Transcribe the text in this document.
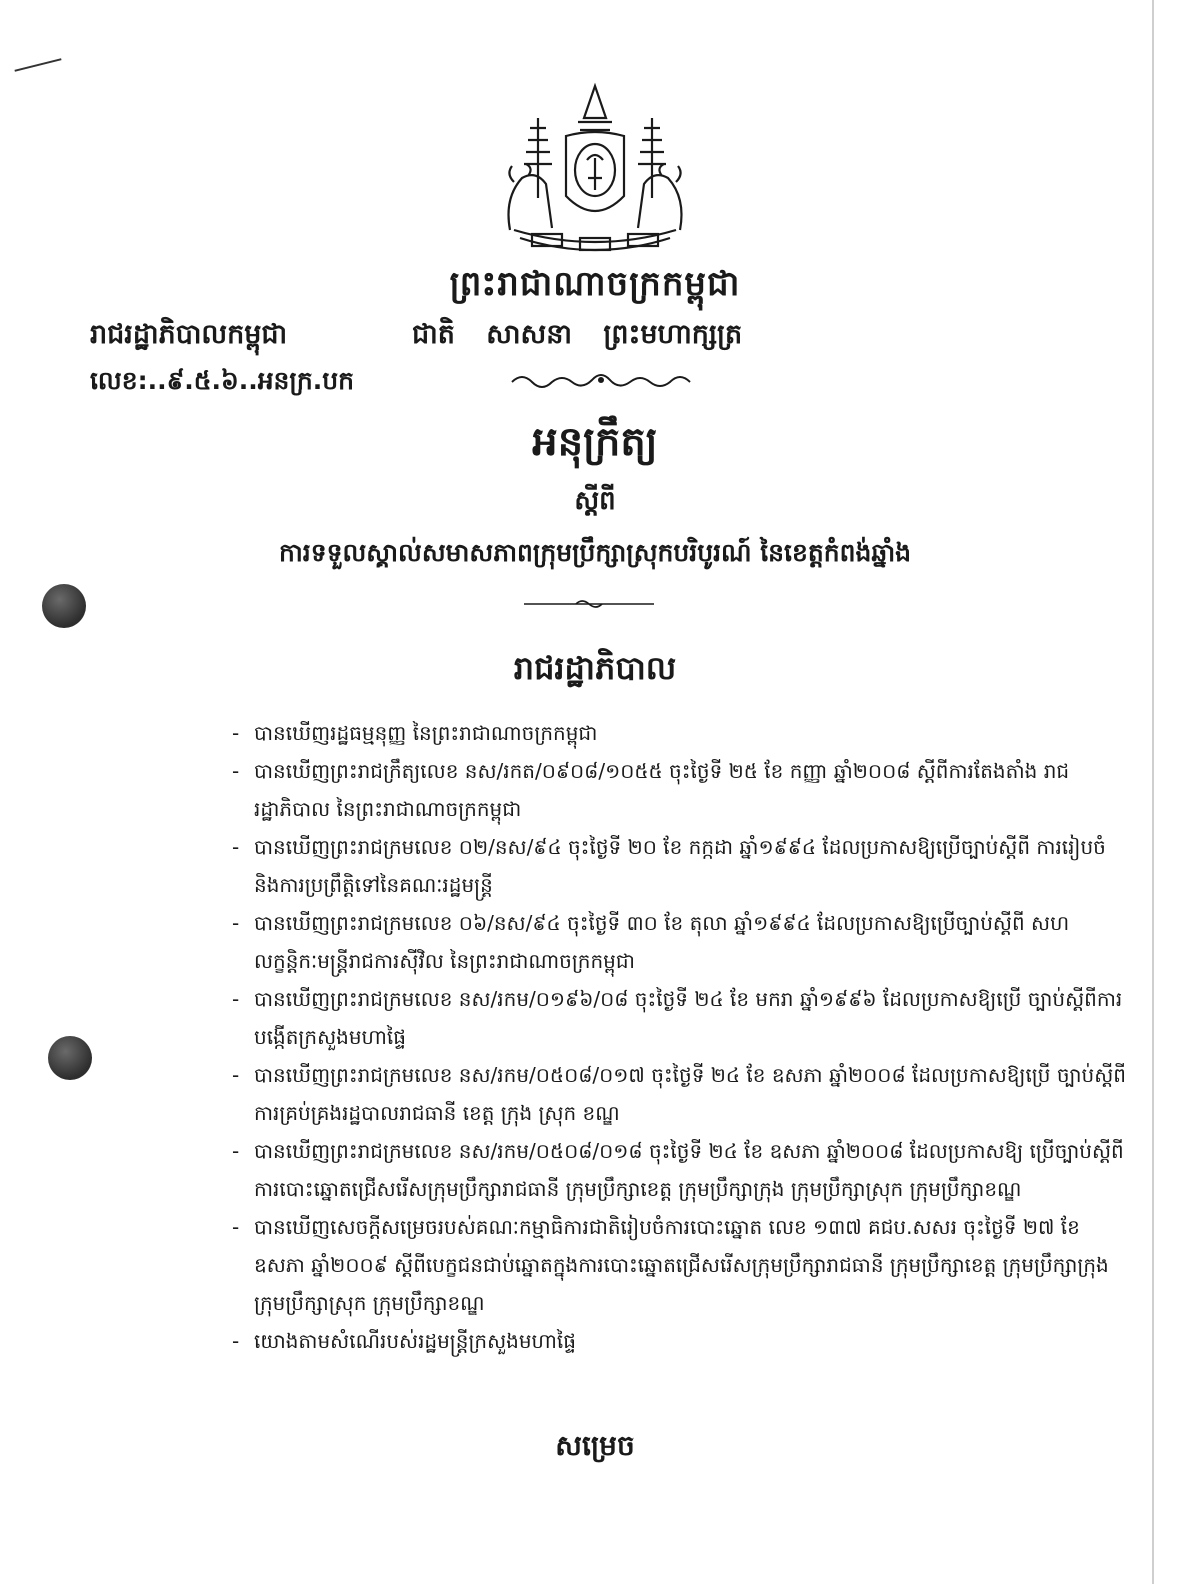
ព្រះរាជាណាចក្រកម្ពុជា
រាជរដ្ឋាភិបាលកម្ពុជា	ជាតិ សាសនា ព្រះមហាក្សត្រ
លេខ:..៩.៥.៦..អនក្រ.បក
អនុក្រឹត្យ
ស្តីពី
ការទទួលស្គាល់សមាសភាពក្រុមប្រឹក្សាស្រុកបរិបូរណ៍ នៃខេត្តកំពង់ឆ្នាំង
រាជរដ្ឋាភិបាល
- បានឃើញរដ្ឋធម្មនុញ្ញ នៃព្រះរាជាណាចក្រកម្ពុជា
- បានឃើញព្រះរាជក្រឹត្យលេខ នស/រកត/០៩០៨/១០៥៥ ចុះថ្ងៃទី ២៥ ខែ កញ្ញា ឆ្នាំ២០០៨ ស្តីពីការតែងតាំង រាជរដ្ឋាភិបាល នៃព្រះរាជាណាចក្រកម្ពុជា
- បានឃើញព្រះរាជក្រមលេខ ០២/នស/៩៤ ចុះថ្ងៃទី ២០ ខែ កក្កដា ឆ្នាំ១៩៩៤ ដែលប្រកាសឱ្យប្រើច្បាប់ស្តីពី ការរៀបចំ និងការប្រព្រឹត្តិទៅនៃគណៈរដ្ឋមន្ត្រី
- បានឃើញព្រះរាជក្រមលេខ ០៦/នស/៩៤ ចុះថ្ងៃទី ៣០ ខែ តុលា ឆ្នាំ១៩៩៤ ដែលប្រកាសឱ្យប្រើច្បាប់ស្តីពី សហលក្ខន្តិកៈមន្ត្រីរាជការស៊ីវិល នៃព្រះរាជាណាចក្រកម្ពុជា
- បានឃើញព្រះរាជក្រមលេខ នស/រកម/០១៩៦/០៨ ចុះថ្ងៃទី ២៤ ខែ មករា ឆ្នាំ១៩៩៦ ដែលប្រកាសឱ្យប្រើ ច្បាប់ស្តីពីការបង្កើតក្រសួងមហាផ្ទៃ
- បានឃើញព្រះរាជក្រមលេខ នស/រកម/០៥០៨/០១៧ ចុះថ្ងៃទី ២៤ ខែ ឧសភា ឆ្នាំ២០០៨ ដែលប្រកាសឱ្យប្រើ ច្បាប់ស្តីពីការគ្រប់គ្រងរដ្ឋបាលរាជធានី ខេត្ត ក្រុង ស្រុក ខណ្ឌ
- បានឃើញព្រះរាជក្រមលេខ នស/រកម/០៥០៨/០១៨ ចុះថ្ងៃទី ២៤ ខែ ឧសភា ឆ្នាំ២០០៨ ដែលប្រកាសឱ្យ ប្រើច្បាប់ស្តីពីការបោះឆ្នោតជ្រើសរើសក្រុមប្រឹក្សារាជធានី ក្រុមប្រឹក្សាខេត្ត ក្រុមប្រឹក្សាក្រុង ក្រុមប្រឹក្សាស្រុក ក្រុមប្រឹក្សាខណ្ឌ
- បានឃើញសេចក្តីសម្រេចរបស់គណៈកម្មាធិការជាតិរៀបចំការបោះឆ្នោត លេខ ១៣៧ គជប.សសរ ចុះថ្ងៃទី ២៧ ខែ ឧសភា ឆ្នាំ២០០៩ ស្តីពីបេក្ខជនជាប់ឆ្នោតក្នុងការបោះឆ្នោតជ្រើសរើសក្រុមប្រឹក្សារាជធានី ក្រុមប្រឹក្សាខេត្ត ក្រុមប្រឹក្សាក្រុង ក្រុមប្រឹក្សាស្រុក ក្រុមប្រឹក្សាខណ្ឌ
- យោងតាមសំណើរបស់រដ្ឋមន្ត្រីក្រសួងមហាផ្ទៃ
សម្រេច
